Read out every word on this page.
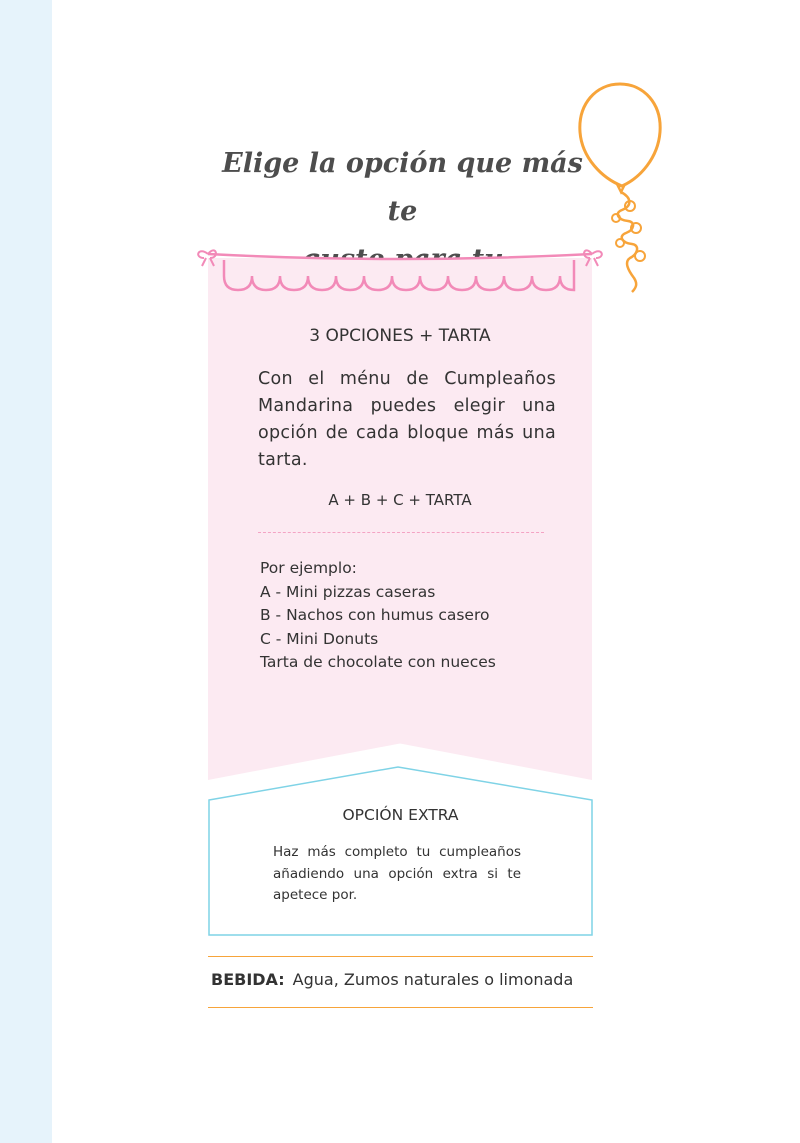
Elige la opción que más te

3 OPCIONES + TARTA

Con el ménu de Cumpleaños Mandarina puedes elegir una opción de cada bloque más una tarta.

A + B + C + TARTA

Por ejemplo:
A - Mini pizzas caseras
B - Nachos con humus casero
C - Mini Donuts
Tarta de chocolate con nueces

OPCIÓN EXTRA

Haz más completo tu cumpleaños añadiendo una opción extra si te apetece por.

BEBIDA: Agua, Zumos naturales o limonada
